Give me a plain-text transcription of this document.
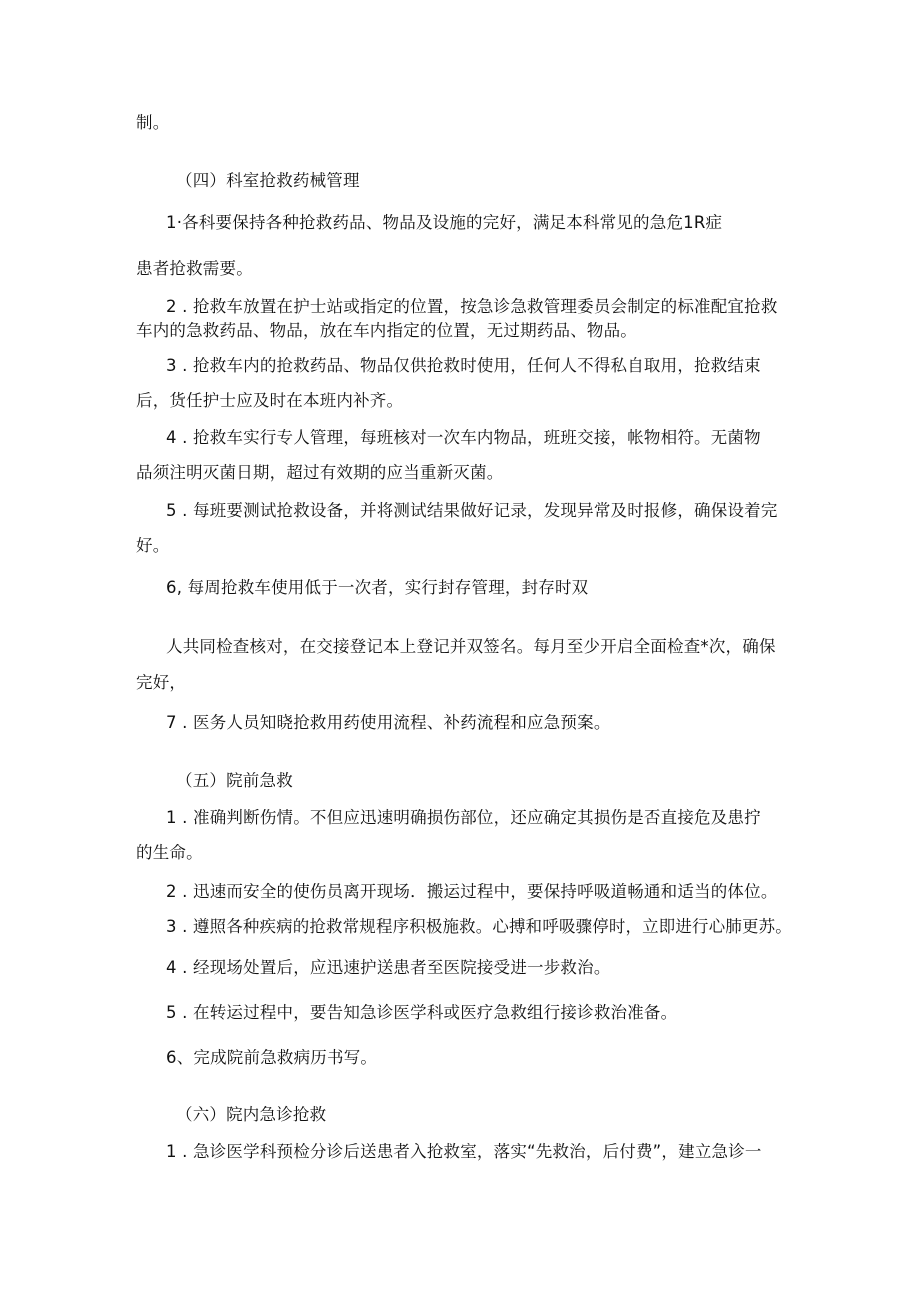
制。

（四）科室抢救药械管理

1·各科要保持各种抢救药品、物品及设施的完好，满足本科常见的急危1R症

患者抢救需要。

2 . 抢救车放置在护士站或指定的位置，按急诊急救管理委员会制定的标准配宜抢救

车内的急救药品、物品，放在车内指定的位置，无过期药品、物品。

3 . 抢救车内的抢救药品、物品仅供抢救时使用，任何人不得私自取用，抢救结束

后，货任护士应及时在本班内补齐。

4 . 抢救车实行专人管理，每班核对一次车内物品，班班交接，帐物相符。无菌物

品须注明灭菌日期，超过有效期的应当重新灭菌。

5 . 每班要测试抢救设备，并将测试结果做好记录，发现异常及时报修，确保设着完

好。

6, 每周抢救车使用低于一次者，实行封存管理，封存时双

人共同检查核对，在交接登记本上登记并双签名。每月至少开启全面检查*次，确保

完好，

7 . 医务人员知晓抢救用药使用流程、补药流程和应急预案。

（五）院前急救

1 . 准确判断伤情。不但应迅速明确损伤部位，还应确定其损伤是否直接危及患拧

的生命。

2 . 迅速而安全的使伤员离开现场．搬运过程中，要保持呼吸道畅通和适当的体位。

3 . 遵照各种疾病的抢救常规程序积极施救。心搏和呼吸骤停时，立即进行心肺更苏。

4 . 经现场处置后，应迅速护送患者至医院接受进一步救治。

5 . 在转运过程中，要告知急诊医学科或医疗急救组行接诊救治准备。

6、完成院前急救病历书写。

（六）院内急诊抢救

1 . 急诊医学科预检分诊后送患者入抢救室，落实“先救治，后付费”，建立急诊一
